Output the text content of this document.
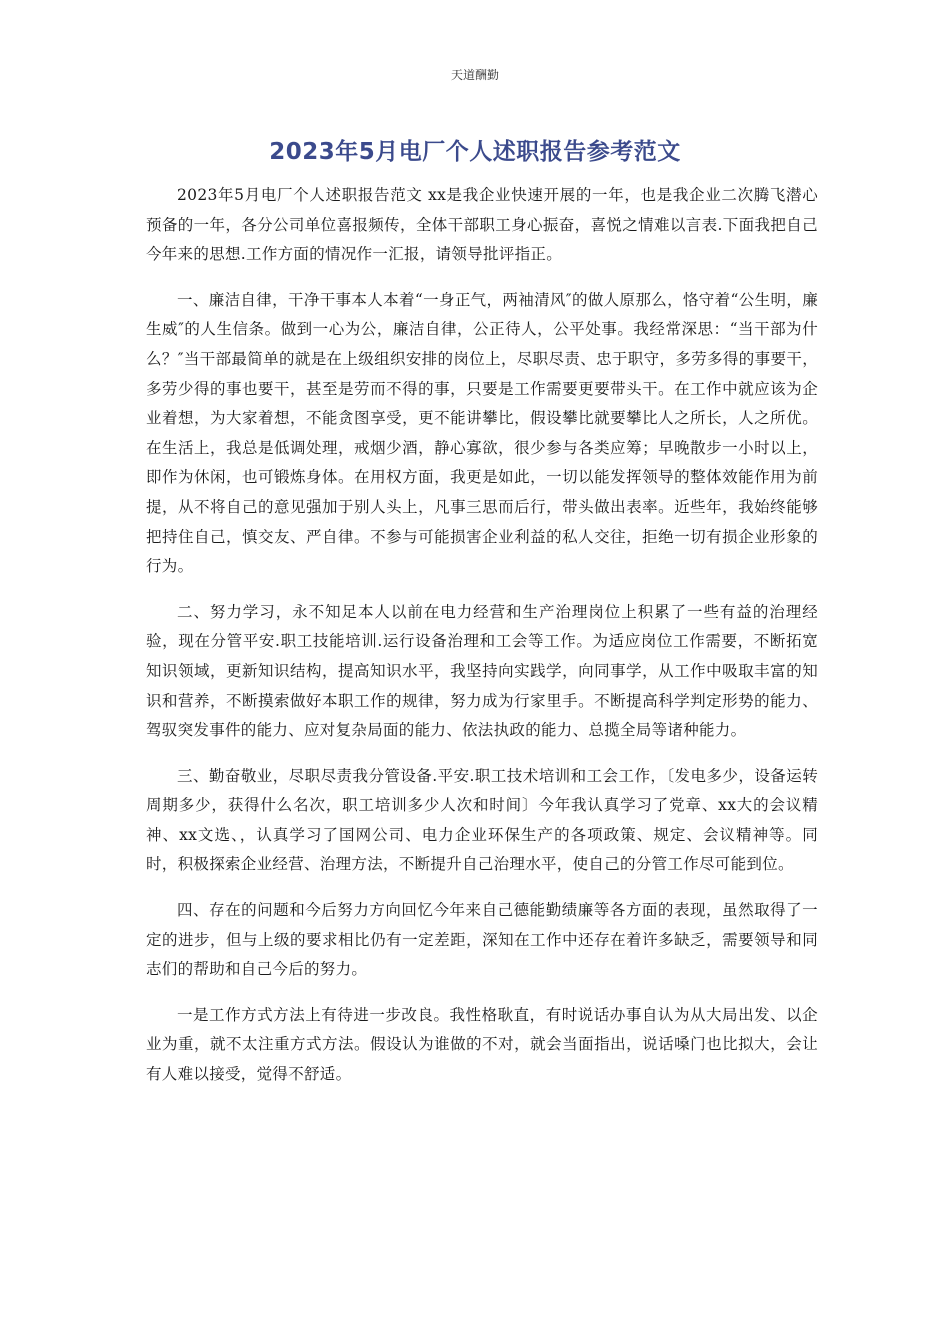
天道酬勤
2023年5月电厂个人述职报告参考范文

2023年5月电厂个人述职报告范文 xx是我企业快速开展的一年，也是我企业二次腾飞潜心预备的一年，各分公司单位喜报频传，全体干部职工身心振奋，喜悦之情难以言表.下面我把自己今年来的思想.工作方面的情况作一汇报，请领导批评指正。

一、廉洁自律，干净干事本人本着“一身正气，两袖清风″的做人原那么，恪守着“公生明，廉生威″的人生信条。做到一心为公，廉洁自律，公正待人，公平处事。我经常深思：“当干部为什么？″当干部最简单的就是在上级组织安排的岗位上，尽职尽责、忠于职守，多劳多得的事要干，多劳少得的事也要干，甚至是劳而不得的事，只要是工作需要更要带头干。在工作中就应该为企业着想，为大家着想，不能贪图享受，更不能讲攀比，假设攀比就要攀比人之所长，人之所优。在生活上，我总是低调处理，戒烟少酒，静心寡欲，很少参与各类应筹；早晚散步一小时以上，即作为休闲，也可锻炼身体。在用权方面，我更是如此，一切以能发挥领导的整体效能作用为前提，从不将自己的意见强加于别人头上，凡事三思而后行，带头做出表率。近些年，我始终能够把持住自己，慎交友、严自律。不参与可能损害企业利益的私人交往，拒绝一切有损企业形象的行为。

二、努力学习，永不知足本人以前在电力经营和生产治理岗位上积累了一些有益的治理经验，现在分管平安.职工技能培训.运行设备治理和工会等工作。为适应岗位工作需要，不断拓宽知识领域，更新知识结构，提高知识水平，我坚持向实践学，向同事学，从工作中吸取丰富的知识和营养，不断摸索做好本职工作的规律，努力成为行家里手。不断提高科学判定形势的能力、驾驭突发事件的能力、应对复杂局面的能力、依法执政的能力、总揽全局等诸种能力。

三、勤奋敬业，尽职尽责我分管设备.平安.职工技术培训和工会工作，〔发电多少，设备运转周期多少，获得什么名次，职工培训多少人次和时间〕今年我认真学习了党章、xx大的会议精神、xx文选、，认真学习了国网公司、电力企业环保生产的各项政策、规定、会议精神等。同时，积极探索企业经营、治理方法，不断提升自己治理水平，使自己的分管工作尽可能到位。

四、存在的问题和今后努力方向回忆今年来自己德能勤绩廉等各方面的表现，虽然取得了一定的进步，但与上级的要求相比仍有一定差距，深知在工作中还存在着许多缺乏，需要领导和同志们的帮助和自己今后的努力。

一是工作方式方法上有待进一步改良。我性格耿直，有时说话办事自认为从大局出发、以企业为重，就不太注重方式方法。假设认为谁做的不对，就会当面指出，说话嗓门也比拟大，会让有人难以接受，觉得不舒适。
